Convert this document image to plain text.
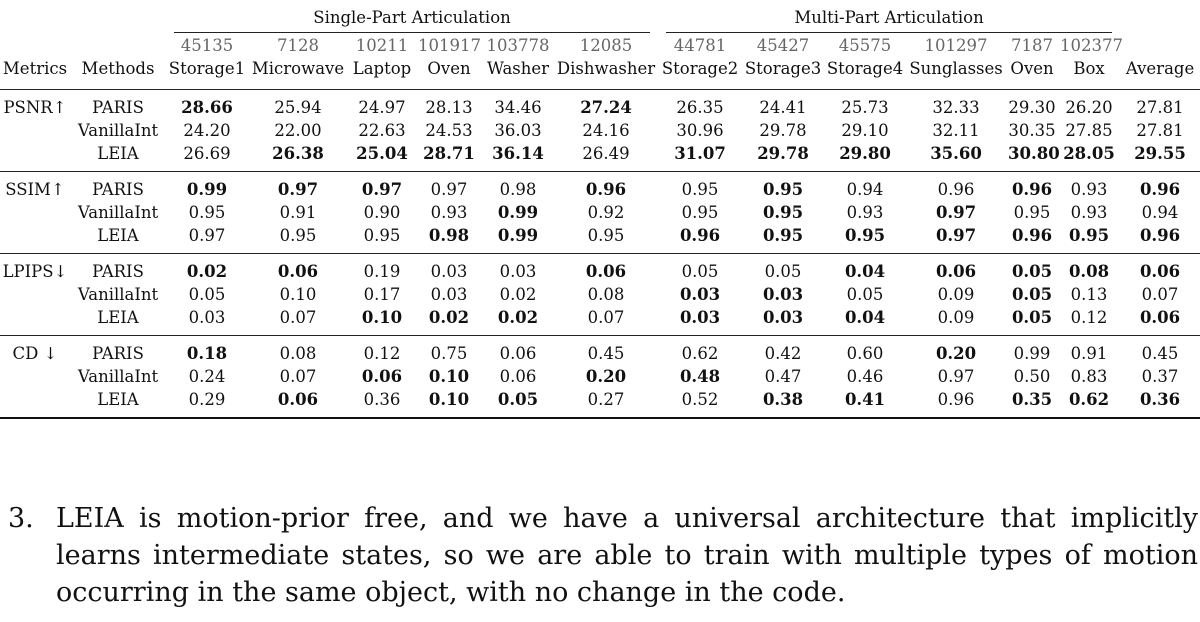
		Single-Part Articulation						Multi-Part Articulation						

		45135	7128	10211	101917	103778	12085	44781	45427	45575	101297	7187	102377	
Metrics	Methods	Storage1	Microwave	Laptop	Oven	Washer	Dishwasher	Storage2	Storage3	Storage4	Sunglasses	Oven	Box	Average
PSNR↑	PARIS	28.66	25.94	24.97	28.13	34.46	27.24	26.35	24.41	25.73	32.33	29.30	26.20	27.81
	VanillaInt	24.20	22.00	22.63	24.53	36.03	24.16	30.96	29.78	29.10	32.11	30.35	27.85	27.81
	LEIA	26.69	26.38	25.04	28.71	36.14	26.49	31.07	29.78	29.80	35.60	30.80	28.05	29.55
SSIM↑	PARIS	0.99	0.97	0.97	0.97	0.98	0.96	0.95	0.95	0.94	0.96	0.96	0.93	0.96
	VanillaInt	0.95	0.91	0.90	0.93	0.99	0.92	0.95	0.95	0.93	0.97	0.95	0.93	0.94
	LEIA	0.97	0.95	0.95	0.98	0.99	0.95	0.96	0.95	0.95	0.97	0.96	0.95	0.96
LPIPS↓	PARIS	0.02	0.06	0.19	0.03	0.03	0.06	0.05	0.05	0.04	0.06	0.05	0.08	0.06
	VanillaInt	0.05	0.10	0.17	0.03	0.02	0.08	0.03	0.03	0.05	0.09	0.05	0.13	0.07
	LEIA	0.03	0.07	0.10	0.02	0.02	0.07	0.03	0.03	0.04	0.09	0.05	0.12	0.06
CD ↓	PARIS	0.18	0.08	0.12	0.75	0.06	0.45	0.62	0.42	0.60	0.20	0.99	0.91	0.45
	VanillaInt	0.24	0.07	0.06	0.10	0.06	0.20	0.48	0.47	0.46	0.97	0.50	0.83	0.37
	LEIA	0.29	0.06	0.36	0.10	0.05	0.27	0.52	0.38	0.41	0.96	0.35	0.62	0.36
3. LEIA is motion-prior free, and we have a universal architecture that implicitly learns intermediate states, so we are able to train with multiple types of motion occurring in the same object, with no change in the code.
